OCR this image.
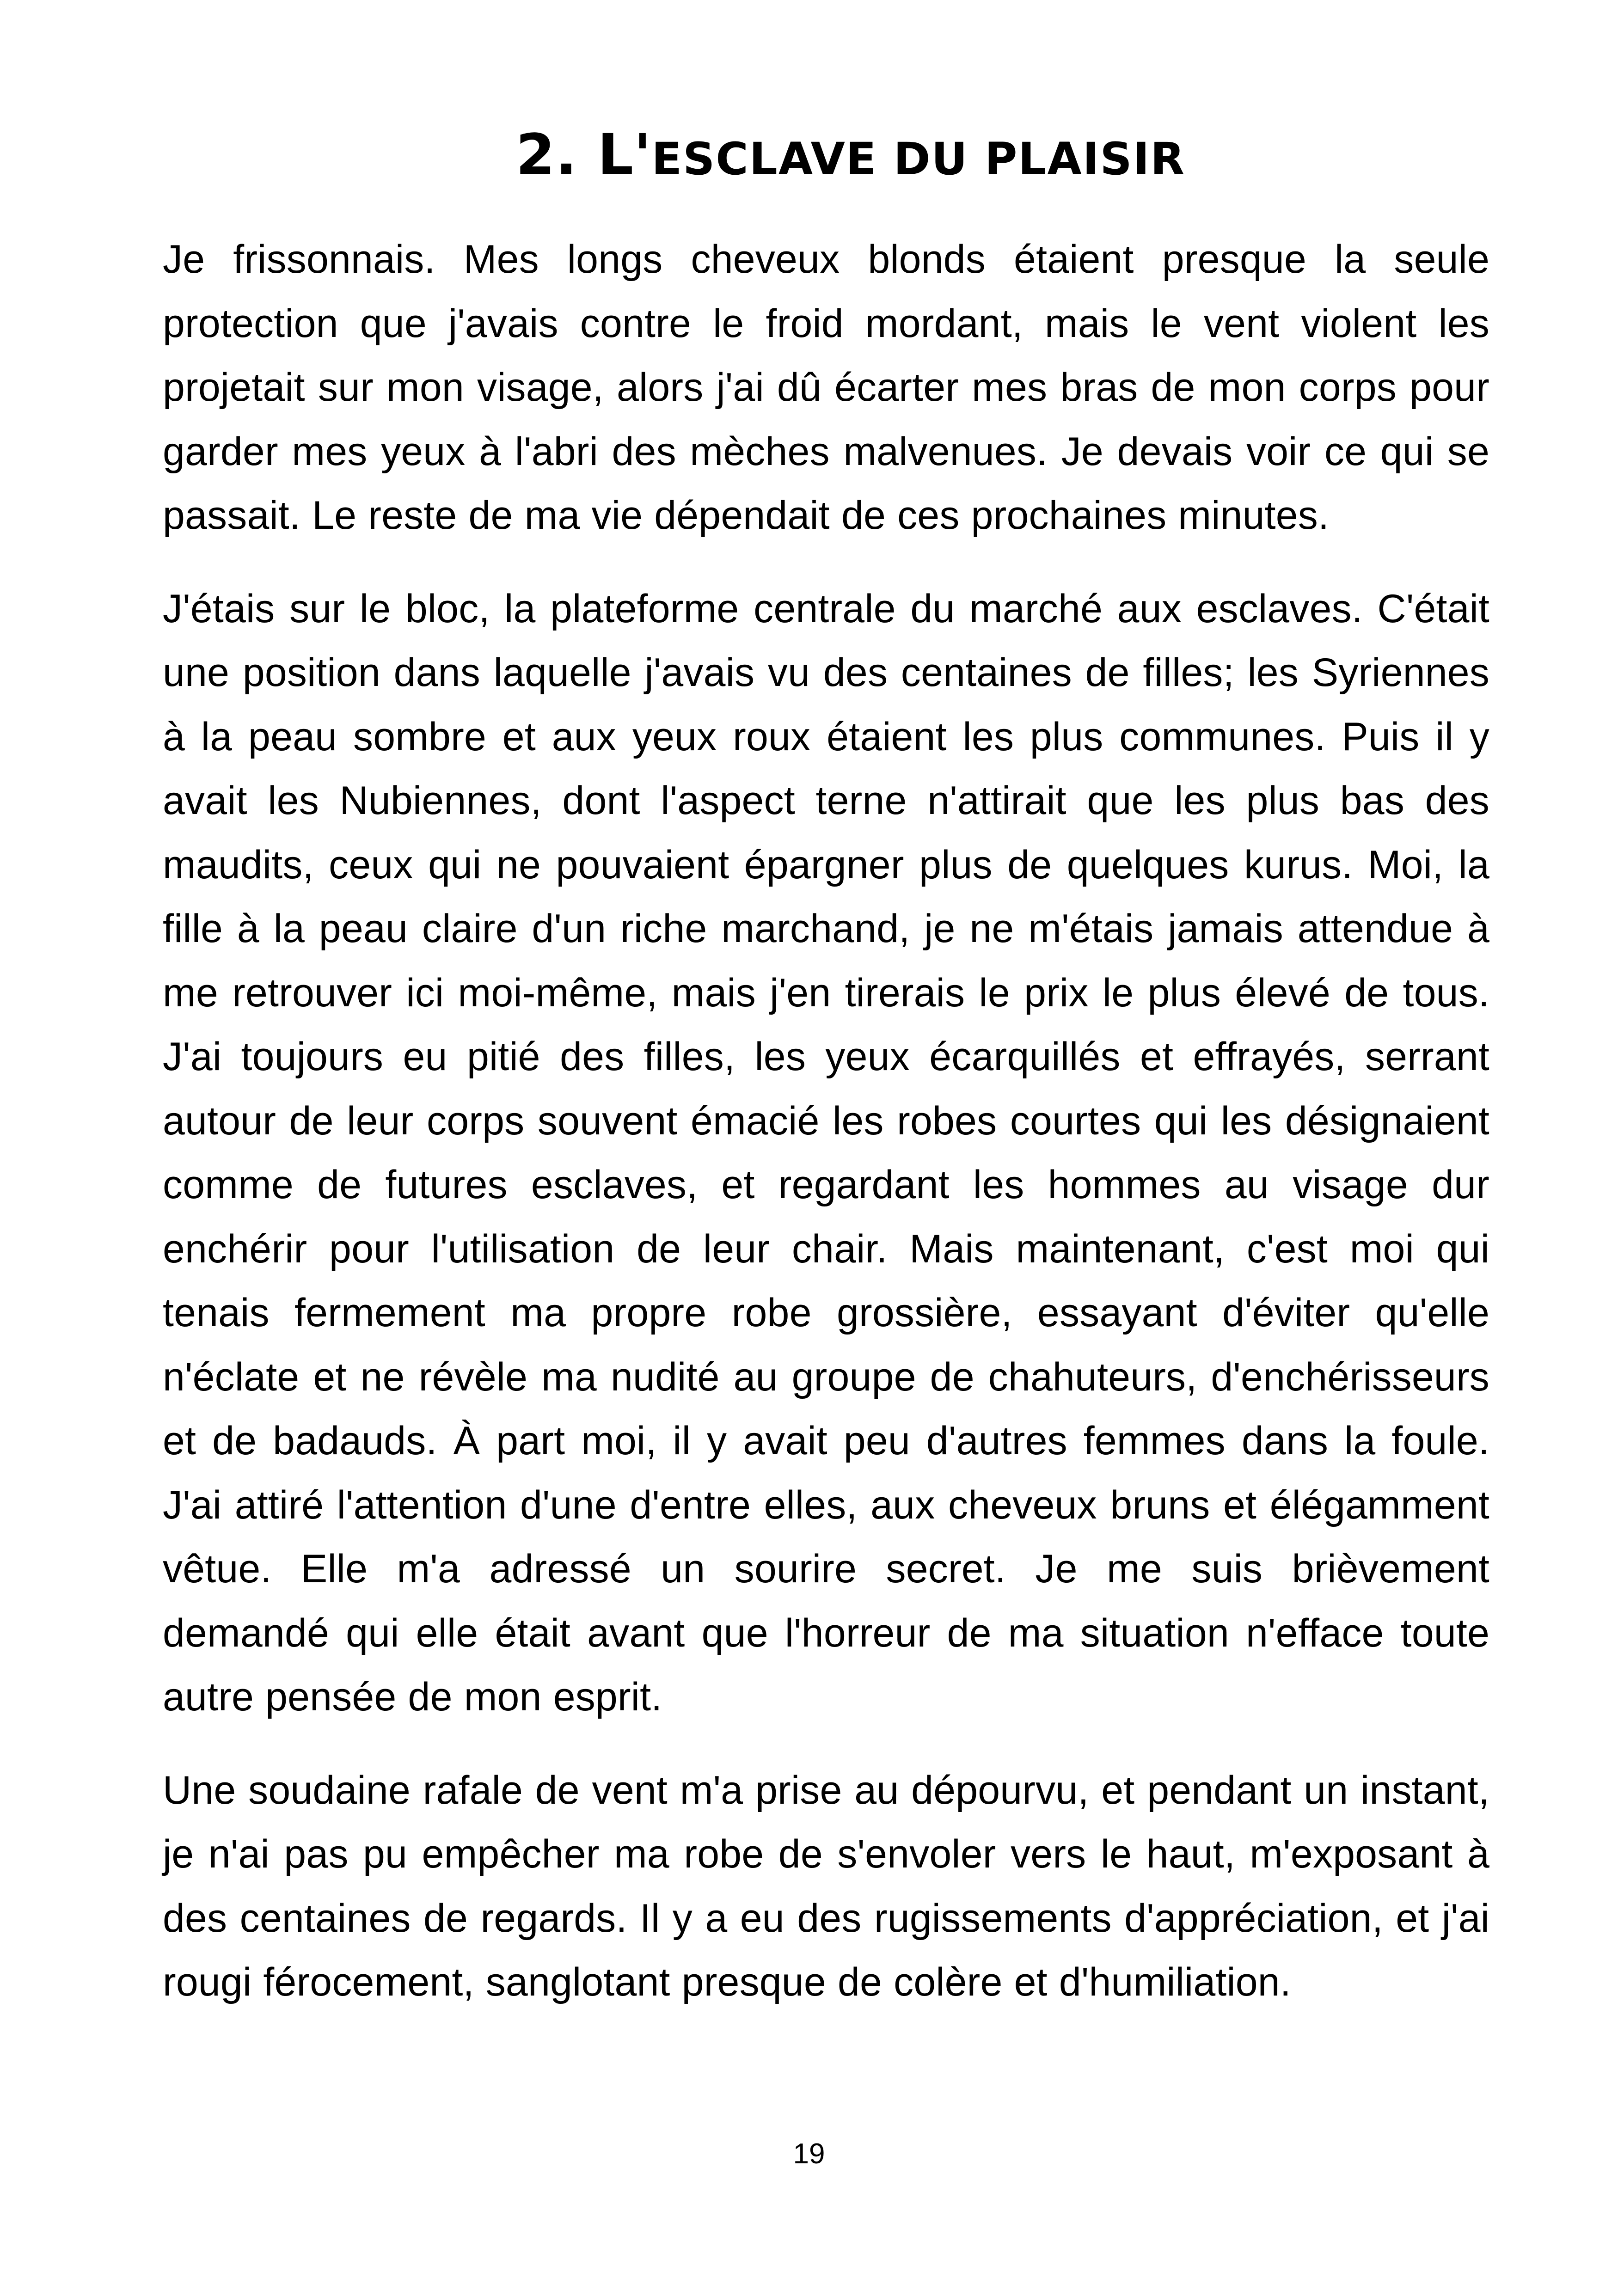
2. L'ESCLAVE DU PLAISIR

Je frissonnais. Mes longs cheveux blonds étaient presque la seule protection que j'avais contre le froid mordant, mais le vent violent les projetait sur mon visage, alors j'ai dû écarter mes bras de mon corps pour garder mes yeux à l'abri des mèches malvenues. Je devais voir ce qui se passait. Le reste de ma vie dépendait de ces prochaines minutes.

J'étais sur le bloc, la plateforme centrale du marché aux esclaves. C'était une position dans laquelle j'avais vu des centaines de filles; les Syriennes à la peau sombre et aux yeux roux étaient les plus communes. Puis il y avait les Nubiennes, dont l'aspect terne n'attirait que les plus bas des maudits, ceux qui ne pouvaient épargner plus de quelques kurus. Moi, la fille à la peau claire d'un riche marchand, je ne m'étais jamais attendue à me retrouver ici moi-même, mais j'en tirerais le prix le plus élevé de tous. J'ai toujours eu pitié des filles, les yeux écarquillés et effrayés, serrant autour de leur corps souvent émacié les robes courtes qui les désignaient comme de futures esclaves, et regardant les hommes au visage dur enchérir pour l'utilisation de leur chair. Mais maintenant, c'est moi qui tenais fermement ma propre robe grossière, essayant d'éviter qu'elle n'éclate et ne révèle ma nudité au groupe de chahuteurs, d'enchérisseurs et de badauds. À part moi, il y avait peu d'autres femmes dans la foule. J'ai attiré l'attention d'une d'entre elles, aux cheveux bruns et élégamment vêtue. Elle m'a adressé un sourire secret. Je me suis brièvement demandé qui elle était avant que l'horreur de ma situation n'efface toute autre pensée de mon esprit.

Une soudaine rafale de vent m'a prise au dépourvu, et pendant un instant, je n'ai pas pu empêcher ma robe de s'envoler vers le haut, m'exposant à des centaines de regards. Il y a eu des rugissements d'appréciation, et j'ai rougi férocement, sanglotant presque de colère et d'humiliation.

19
